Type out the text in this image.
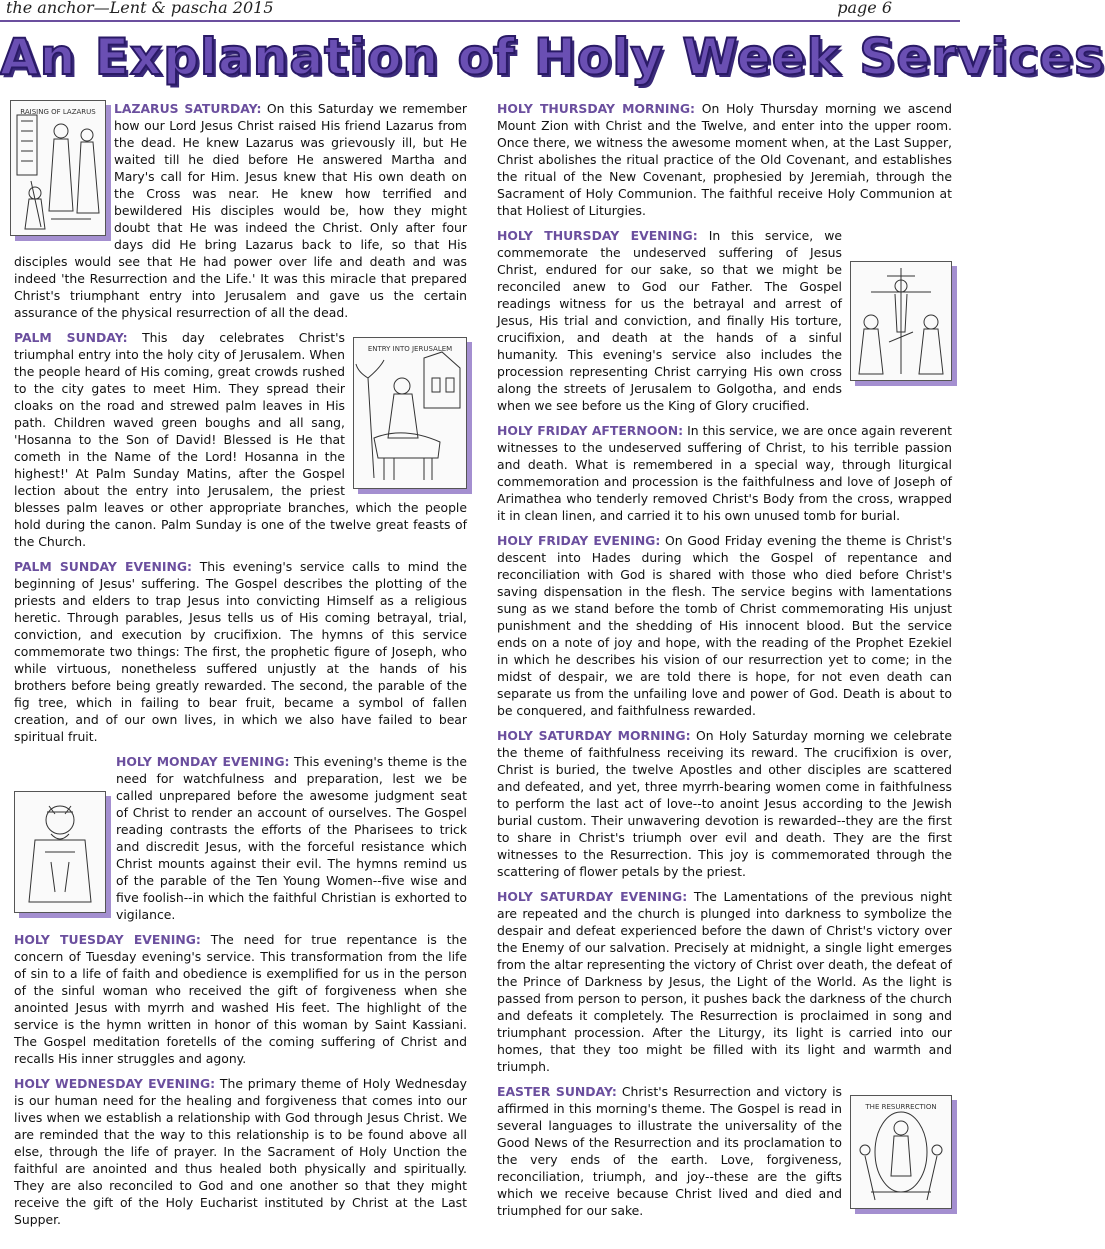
the anchor—Lent & pascha 2015	page 6
An Explanation of Holy Week Services

RAISING OF LAZARUS	LAZARUS SATURDAY: On this Saturday we remember how our Lord Jesus Christ raised His friend Lazarus from the dead. He knew Lazarus was grievously ill, but He waited till he died before He answered Martha and Mary's call for Him. Jesus knew that His own death on the Cross was near. He knew how terrified and bewildered His disciples would be, how they might doubt that He was indeed the Christ. Only after four days did He bring Lazarus back to life, so that His disciples would see that He had power over life and death and was indeed 'the Resurrection and the Life.' It was this miracle that prepared Christ's triumphant entry into Jerusalem and gave us the certain assurance of the physical resurrection of all the dead.

PALM SUNDAY:
ENTRY INTO JERUSALEM
This day celebrates Christ's triumphal entry into the holy city of Jerusalem. When the people heard of His coming, great crowds rushed to the city gates to meet Him. They spread their cloaks on the road and strewed palm leaves in His path. Children waved green boughs and all sang, 'Hosanna to the Son of David! Blessed is He that cometh in the Name of the Lord! Hosanna in the highest!' At Palm Sunday Matins, after the Gospel lection about the entry into Jerusalem, the priest blesses palm leaves or other appropriate branches, which the people hold during the canon. Palm Sunday is one of the twelve great feasts of the Church.

PALM SUNDAY EVENING: This evening's service calls to mind the beginning of Jesus' suffering. The Gospel describes the plotting of the priests and elders to trap Jesus into convicting Himself as a religious heretic. Through parables, Jesus tells us of His coming betrayal, trial, conviction, and execution by crucifixion. The hymns of this service commemorate two things: The first, the prophetic figure of Joseph, who while virtuous, nonetheless suffered unjustly at the hands of his brothers before being greatly rewarded. The second, the parable of the fig tree, which in failing to bear fruit, became a symbol of fallen creation, and of our own lives, in which we also have failed to bear spiritual fruit.

HOLY MONDAY EVENING:
This evening's theme is the need for watchfulness and preparation, lest we be called unprepared before the awesome judgment seat of Christ to render an account of ourselves. The Gospel reading contrasts the efforts of the Pharisees to trick and discredit Jesus, with the forceful resistance which Christ mounts against their evil. The hymns remind us of the parable of the Ten Young Women--five wise and five foolish--in which the faithful Christian is exhorted to vigilance.

HOLY TUESDAY EVENING: The need for true repentance is the concern of Tuesday evening's service. This transformation from the life of sin to a life of faith and obedience is exemplified for us in the person of the sinful woman who received the gift of forgiveness when she anointed Jesus with myrrh and washed His feet. The highlight of the service is the hymn written in honor of this woman by Saint Kassiani. The Gospel meditation foretells of the coming suffering of Christ and recalls His inner struggles and agony.

HOLY WEDNESDAY EVENING: The primary theme of Holy Wednesday is our human need for the healing and forgiveness that comes into our lives when we establish a relationship with God through Jesus Christ. We are reminded that the way to this relationship is to be found above all else, through the life of prayer. In the Sacrament of Holy Unction the faithful are anointed and thus healed both physically and spiritually. They are also reconciled to God and one another so that they might receive the gift of the Holy Eucharist instituted by Christ at the Last Supper.

HOLY THURSDAY MORNING: On Holy Thursday morning we ascend Mount Zion with Christ and the Twelve, and enter into the upper room. Once there, we witness the awesome moment when, at the Last Supper, Christ abolishes the ritual practice of the Old Covenant, and establishes the ritual of the New Covenant, prophesied by Jeremiah, through the Sacrament of Holy Communion. The faithful receive Holy Communion at that Holiest of Liturgies.

HOLY THURSDAY EVENING:
In this service, we commemorate the undeserved suffering of Jesus Christ, endured for our sake, so that we might be reconciled anew to God our Father. The Gospel readings witness for us the betrayal and arrest of Jesus, His trial and conviction, and finally His torture, crucifixion, and death at the hands of a sinful humanity. This evening's service also includes the procession representing Christ carrying His own cross along the streets of Jerusalem to Golgotha, and ends when we see before us the King of Glory crucified.

HOLY FRIDAY AFTERNOON: In this service, we are once again reverent witnesses to the undeserved suffering of Christ, to his terrible passion and death. What is remembered in a special way, through liturgical commemoration and procession is the faithfulness and love of Joseph of Arimathea who tenderly removed Christ's Body from the cross, wrapped it in clean linen, and carried it to his own unused tomb for burial.

HOLY FRIDAY EVENING: On Good Friday evening the theme is Christ's descent into Hades during which the Gospel of repentance and reconciliation with God is shared with those who died before Christ's saving dispensation in the flesh. The service begins with lamentations sung as we stand before the tomb of Christ commemorating His unjust punishment and the shedding of His innocent blood. But the service ends on a note of joy and hope, with the reading of the Prophet Ezekiel in which he describes his vision of our resurrection yet to come; in the midst of despair, we are told there is hope, for not even death can separate us from the unfailing love and power of God. Death is about to be conquered, and faithfulness rewarded.

HOLY SATURDAY MORNING: On Holy Saturday morning we celebrate the theme of faithfulness receiving its reward. The crucifixion is over, Christ is buried, the twelve Apostles and other disciples are scattered and defeated, and yet, three myrrh-bearing women come in faithfulness to perform the last act of love--to anoint Jesus according to the Jewish burial custom. Their unwavering devotion is rewarded--they are the first to share in Christ's triumph over evil and death. They are the first witnesses to the Resurrection. This joy is commemorated through the scattering of flower petals by the priest.

HOLY SATURDAY EVENING: The Lamentations of the previous night are repeated and the church is plunged into darkness to symbolize the despair and defeat experienced before the dawn of Christ's victory over the Enemy of our salvation. Precisely at midnight, a single light emerges from the altar representing the victory of Christ over death, the defeat of the Prince of Darkness by Jesus, the Light of the World. As the light is passed from person to person, it pushes back the darkness of the church and defeats it completely. The Resurrection is proclaimed in song and triumphant procession. After the Liturgy, its light is carried into our homes, that they too might be filled with its light and warmth and triumph.

EASTER SUNDAY:
THE RESURRECTION
Christ's Resurrection and victory is affirmed in this morning's theme. The Gospel is read in several languages to illustrate the universality of the Good News of the Resurrection and its proclamation to the very ends of the earth. Love, forgiveness, reconciliation, triumph, and joy--these are the gifts which we receive because Christ lived and died and triumphed for our sake.
